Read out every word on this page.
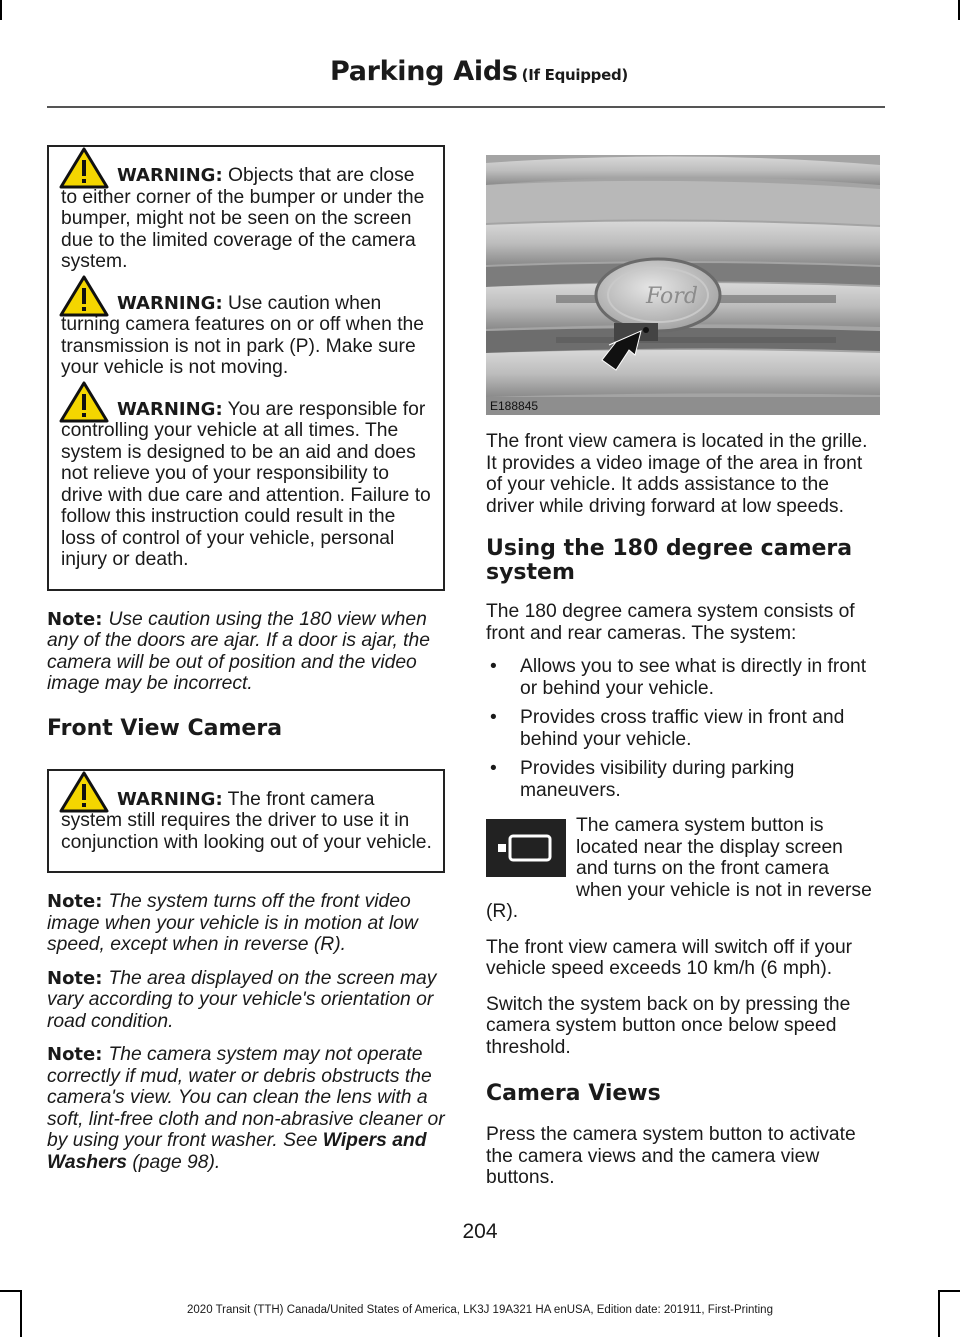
Parking Aids (If Equipped)

WARNING: Objects that are close to either corner of the bumper or under the bumper, might not be seen on the screen due to the limited coverage of the camera system.

WARNING: Use caution when turning camera features on or off when the transmission is not in park (P). Make sure your vehicle is not moving.

WARNING: You are responsible for controlling your vehicle at all times. The system is designed to be an aid and does not relieve you of your responsibility to drive with due care and attention. Failure to follow this instruction could result in the loss of control of your vehicle, personal injury or death.

Note: Use caution using the 180 view when any of the doors are ajar. If a door is ajar, the camera will be out of position and the video image may be incorrect.

Front View Camera

WARNING: The front camera system still requires the driver to use it in conjunction with looking out of your vehicle.

Note: The system turns off the front video image when your vehicle is in motion at low speed, except when in reverse (R).

Note: The area displayed on the screen may vary according to your vehicle's orientation or road condition.

Note: The camera system may not operate correctly if mud, water or debris obstructs the camera's view. You can clean the lens with a soft, lint-free cloth and non-abrasive cleaner or by using your front washer. See Wipers and Washers (page 98).

Ford
E188845

The front view camera is located in the grille. It provides a video image of the area in front of your vehicle. It adds assistance to the driver while driving forward at low speeds.

Using the 180 degree camera system

The 180 degree camera system consists of front and rear cameras. The system:

• Allows you to see what is directly in front or behind your vehicle.
• Provides cross traffic view in front and behind your vehicle.
• Provides visibility during parking maneuvers.

The camera system button is located near the display screen and turns on the front camera when your vehicle is not in reverse (R).

The front view camera will switch off if your vehicle speed exceeds 10 km/h (6 mph).

Switch the system back on by pressing the camera system button once below speed threshold.

Camera Views

Press the camera system button to activate the camera views and the camera view buttons.

204
2020 Transit (TTH) Canada/United States of America, LK3J 19A321 HA enUSA, Edition date: 201911, First-Printing
